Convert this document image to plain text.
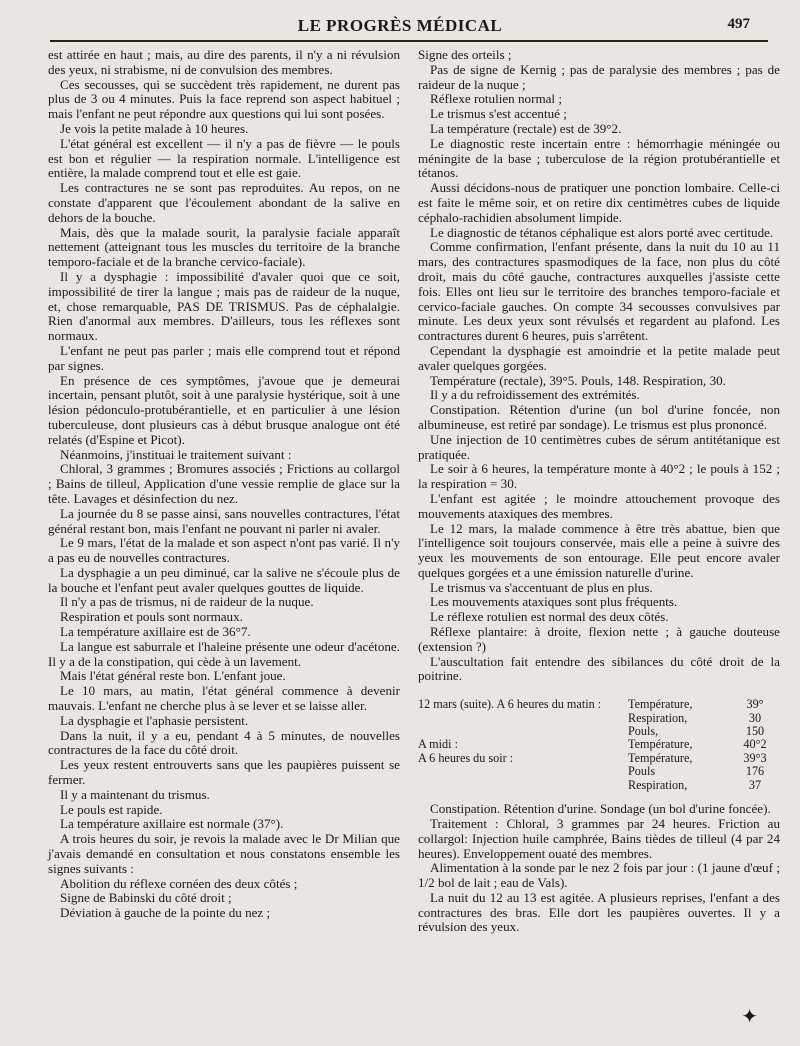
LE PROGRÈS MÉDICAL	497

est attirée en haut ; mais, au dire des parents, il n'y a ni révulsion des yeux, ni strabisme, ni de convulsion des membres.

Ces secousses, qui se succèdent très rapidement, ne durent pas plus de 3 ou 4 minutes. Puis la face reprend son aspect habituel ; mais l'enfant ne peut répondre aux questions qui lui sont posées.

Je vois la petite malade à 10 heures.

L'état général est excellent — il n'y a pas de fièvre — le pouls est bon et régulier — la respiration normale. L'intelligence est entière, la malade comprend tout et elle est gaie.

Les contractures ne se sont pas reproduites. Au repos, on ne constate d'apparent que l'écoulement abondant de la salive en dehors de la bouche.

Mais, dès que la malade sourit, la paralysie faciale apparaît nettement (atteignant tous les muscles du territoire de la branche temporo-faciale et de la branche cervico-faciale).

Il y a dysphagie : impossibilité d'avaler quoi que ce soit, impossibilité de tirer la langue ; mais pas de raideur de la nuque, et, chose remarquable, PAS DE TRISMUS. Pas de céphalalgie. Rien d'anormal aux membres. D'ailleurs, tous les réflexes sont normaux.

L'enfant ne peut pas parler ; mais elle comprend tout et répond par signes.

En présence de ces symptômes, j'avoue que je demeurai incertain, pensant plutôt, soit à une paralysie hystérique, soit à une lésion pédonculo-protubérantielle, et en particulier à une lésion tuberculeuse, dont plusieurs cas à début brusque analogue ont été relatés (d'Espine et Picot).

Néanmoins, j'instituai le traitement suivant :

Chloral, 3 grammes ; Bromures associés ; Frictions au collargol ; Bains de tilleul, Application d'une vessie remplie de glace sur la tête. Lavages et désinfection du nez.

La journée du 8 se passe ainsi, sans nouvelles contractures, l'état général restant bon, mais l'enfant ne pouvant ni parler ni avaler.

Le 9 mars, l'état de la malade et son aspect n'ont pas varié. Il n'y a pas eu de nouvelles contractures.

La dysphagie a un peu diminué, car la salive ne s'écoule plus de la bouche et l'enfant peut avaler quelques gouttes de liquide.

Il n'y a pas de trismus, ni de raideur de la nuque.

Respiration et pouls sont normaux.

La température axillaire est de 36°7.

La langue est saburrale et l'haleine présente une odeur d'acétone. Il y a de la constipation, qui cède à un lavement.

Mais l'état général reste bon. L'enfant joue.

Le 10 mars, au matin, l'état général commence à devenir mauvais. L'enfant ne cherche plus à se lever et se laisse aller.

La dysphagie et l'aphasie persistent.

Dans la nuit, il y a eu, pendant 4 à 5 minutes, de nouvelles contractures de la face du côté droit.

Les yeux restent entrouverts sans que les paupières puissent se fermer.

Il y a maintenant du trismus.

Le pouls est rapide.

La température axillaire est normale (37°).

A trois heures du soir, je revois la malade avec le Dr Milian que j'avais demandé en consultation et nous constatons ensemble les signes suivants :

Abolition du réflexe cornéen des deux côtés ;

Signe de Babinski du côté droit ;

Déviation à gauche de la pointe du nez ;

Signe des orteils ;

Pas de signe de Kernig ; pas de paralysie des membres ; pas de raideur de la nuque ;

Réflexe rotulien normal ;

Le trismus s'est accentué ;

La température (rectale) est de 39°2.

Le diagnostic reste incertain entre : hémorrhagie méningée ou méningite de la base ; tuberculose de la région protubérantielle et tétanos.

Aussi décidons-nous de pratiquer une ponction lombaire. Celle-ci est faite le même soir, et on retire dix centimètres cubes de liquide céphalo-rachidien absolument limpide.

Le diagnostic de tétanos céphalique est alors porté avec certitude.

Comme confirmation, l'enfant présente, dans la nuit du 10 au 11 mars, des contractures spasmodiques de la face, non plus du côté droit, mais du côté gauche, contractures auxquelles j'assiste cette fois. Elles ont lieu sur le territoire des branches temporo-faciale et cervico-faciale gauches. On compte 34 secousses convulsives par minute. Les deux yeux sont révulsés et regardent au plafond. Les contractures durent 6 heures, puis s'arrêtent.

Cependant la dysphagie est amoindrie et la petite malade peut avaler quelques gorgées.

Température (rectale), 39°5. Pouls, 148. Respiration, 30.

Il y a du refroidissement des extrémités.

Constipation. Rétention d'urine (un bol d'urine foncée, non albumineuse, est retiré par sondage). Le trismus est plus prononcé.

Une injection de 10 centimètres cubes de sérum antitétanique est pratiquée.

Le soir à 6 heures, la température monte à 40°2 ; le pouls à 152 ; la respiration = 30.

L'enfant est agitée ; le moindre attouchement provoque des mouvements ataxiques des membres.

Le 12 mars, la malade commence à être très abattue, bien que l'intelligence soit toujours conservée, mais elle a peine à suivre des yeux les mouvements de son entourage. Elle peut encore avaler quelques gorgées et a une émission naturelle d'urine.

Le trismus va s'accentuant de plus en plus.

Les mouvements ataxiques sont plus fréquents.

Le réflexe rotulien est normal des deux côtés.

Réflexe plantaire: à droite, flexion nette ; à gauche douteuse (extension ?)

L'auscultation fait entendre des sibilances du côté droit de la poitrine.

12 mars (suite). A 6 heures du matin :	Température,	39°
Respiration,	30
Pouls,	150
A midi :	Température,	40°2
A 6 heures du soir :	Température,	39°3
Pouls	176
Respiration,	37

Constipation. Rétention d'urine. Sondage (un bol d'urine foncée).

Traitement : Chloral, 3 grammes par 24 heures. Friction au collargol: Injection huile camphrée, Bains tièdes de tilleul (4 par 24 heures). Enveloppement ouaté des membres.

Alimentation à la sonde par le nez 2 fois par jour : (1 jaune d'œuf ; 1/2 bol de lait ; eau de Vals).

La nuit du 12 au 13 est agitée. A plusieurs reprises, l'enfant a des contractures des bras. Elle dort les paupières ouvertes. Il y a révulsion des yeux.

✦
